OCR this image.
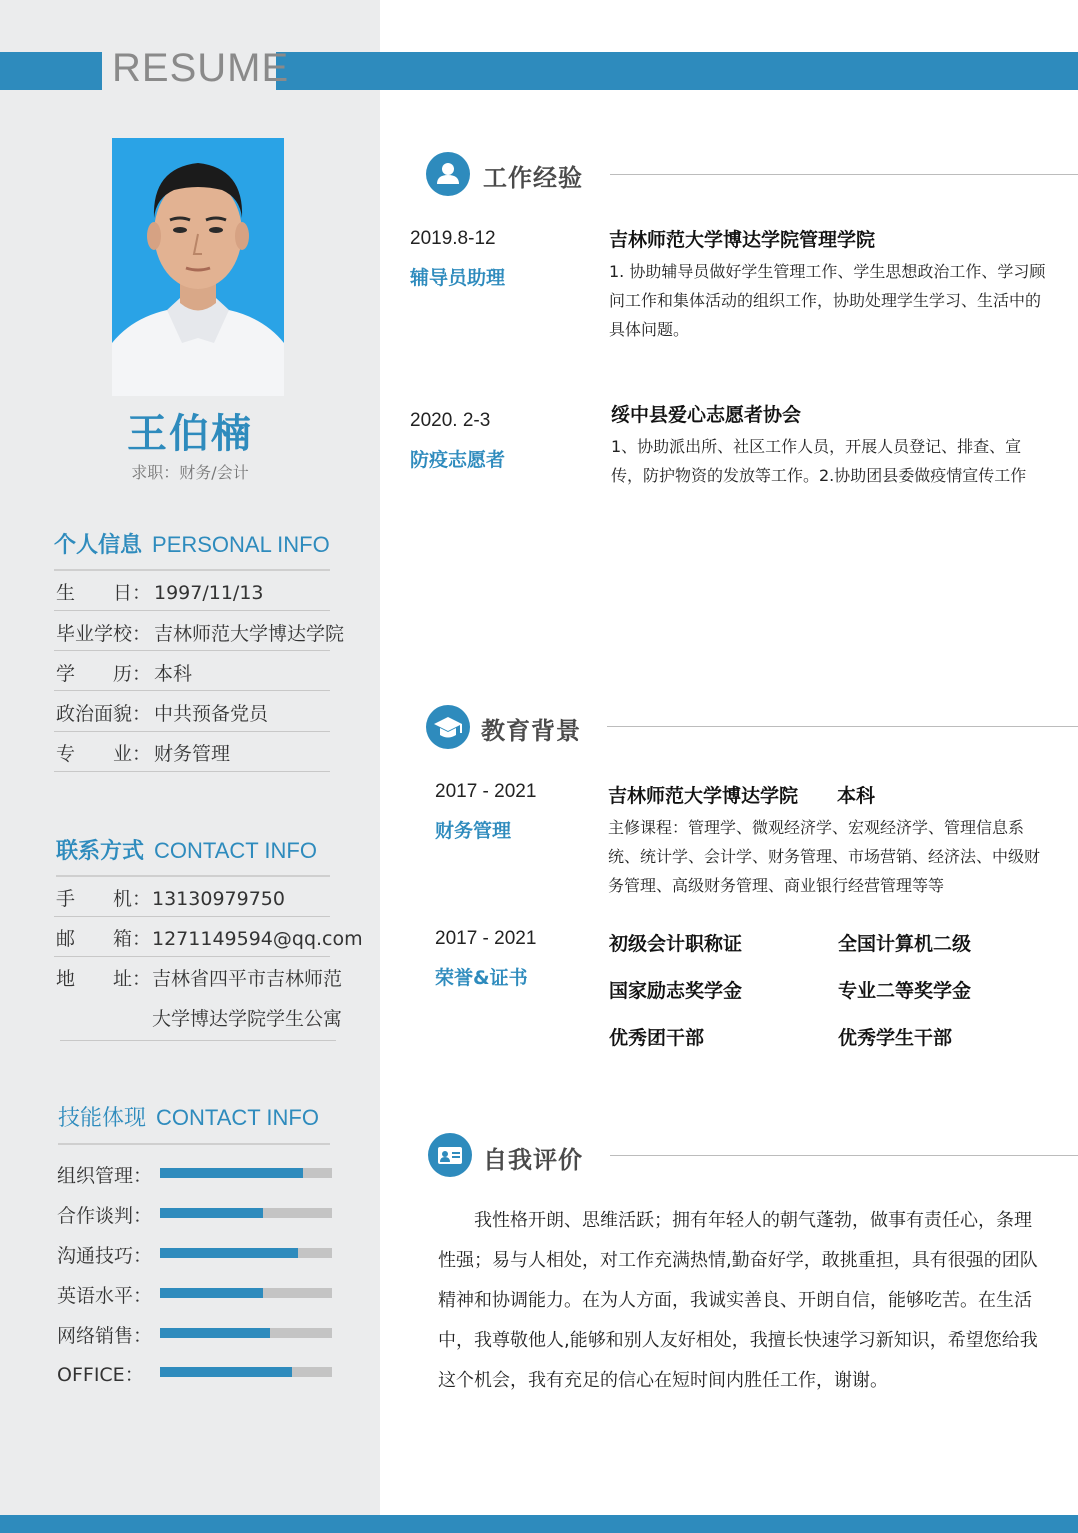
RESUME
王伯楠
求职：财务/会计
个人信息 PERSONAL INFO
生　　日： 1997/11/13
毕业学校： 吉林师范大学博达学院
学　　历： 本科
政治面貌： 中共预备党员
专　　业： 财务管理
联系方式 CONTACT INFO
手　　机：13130979750
邮　　箱：1271149594@qq.com
地　　址：吉林省四平市吉林师范
大学博达学院学生公寓
技能体现 CONTACT INFO
组织管理：
合作谈判：
沟通技巧：
英语水平：
网络销售：
OFFICE：
工作经验
2019.8-12
辅导员助理
吉林师范大学博达学院管理学院
1. 协助辅导员做好学生管理工作、学生思想政治工作、学习顾问工作和集体活动的组织工作，协助处理学生学习、生活中的具体问题。
2020. 2-3
防疫志愿者
绥中县爱心志愿者协会
1、协助派出所、社区工作人员，开展人员登记、排查、宣传，防护物资的发放等工作。2.协助团县委做疫情宣传工作
教育背景
2017 - 2021
财务管理
吉林师范大学博达学院 本科
主修课程：管理学、微观经济学、宏观经济学、管理信息系统、统计学、会计学、财务管理、市场营销、经济法、中级财务管理、高级财务管理、商业银行经营管理等等
2017 - 2021
荣誉&证书
初级会计职称证	全国计算机二级
国家励志奖学金	专业二等奖学金
优秀团干部	优秀学生干部
自我评价
我性格开朗、思维活跃；拥有年轻人的朝气蓬勃，做事有责任心，条理性强；易与人相处，对工作充满热情,勤奋好学，敢挑重担，具有很强的团队精神和协调能力。在为人方面，我诚实善良、开朗自信，能够吃苦。在生活中，我尊敬他人,能够和别人友好相处，我擅长快速学习新知识，希望您给我这个机会，我有充足的信心在短时间内胜任工作，谢谢。
